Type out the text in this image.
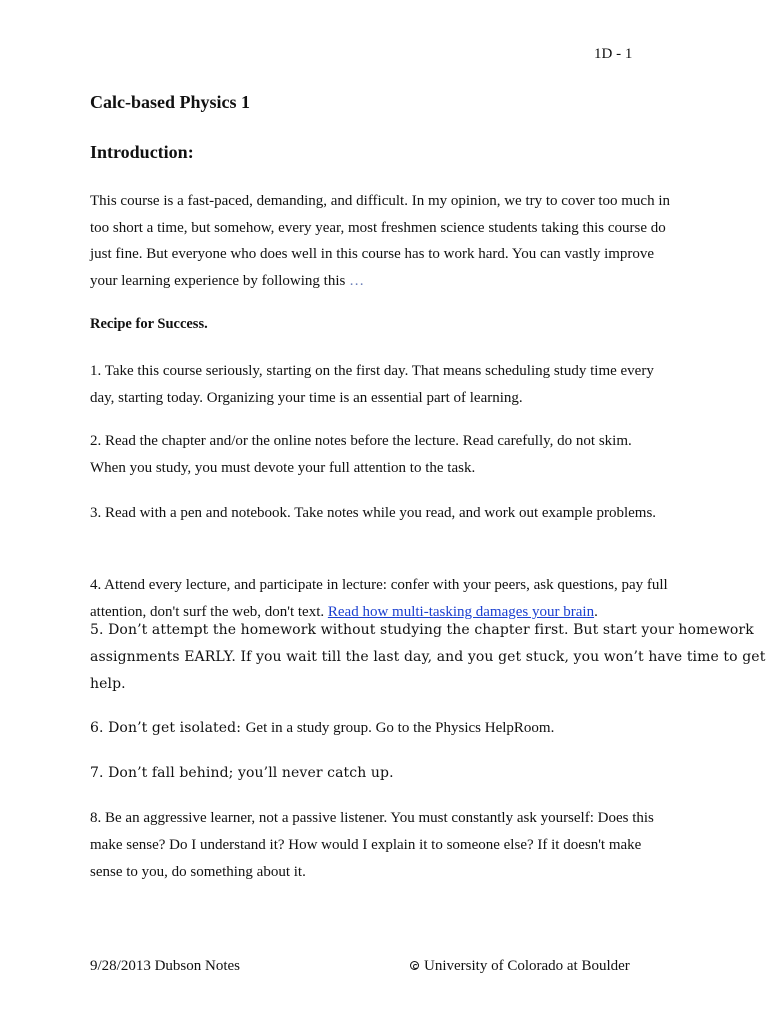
1D - 1
Calc-based Physics 1
Introduction:
This course is a fast-paced, demanding, and difficult. In my opinion, we try to cover too much in
too short a time, but somehow, every year, most freshmen science students taking this course do
just fine. But everyone who does well in this course has to work hard. You can vastly improve
your learning experience by following this …
Recipe for Success.
1. Take this course seriously, starting on the first day. That means scheduling study time every
day, starting today. Organizing your time is an essential part of learning.
2. Read the chapter and/or the online notes before the lecture. Read carefully, do not skim.
When you study, you must devote your full attention to the task.
3. Read with a pen and notebook. Take notes while you read, and work out example problems.
4. Attend every lecture, and participate in lecture: confer with your peers, ask questions, pay full
attention, don't surf the web, don't text. Read how multi-tasking damages your brain.
5. Don’t attempt the homework without studying the chapter first. But start your homework
assignments EARLY. If you wait till the last day, and you get stuck, you won’t have time to get
help.
6. Don’t get isolated: Get in a study group. Go to the Physics HelpRoom.
7. Don’t fall behind; you’ll never catch up.
8. Be an aggressive learner, not a passive listener. You must constantly ask yourself: Does this
make sense? Do I understand it? How would I explain it to someone else? If it doesn't make
sense to you, do something about it.
9/28/2013 Dubson Notes	University of Colorado at Boulder
